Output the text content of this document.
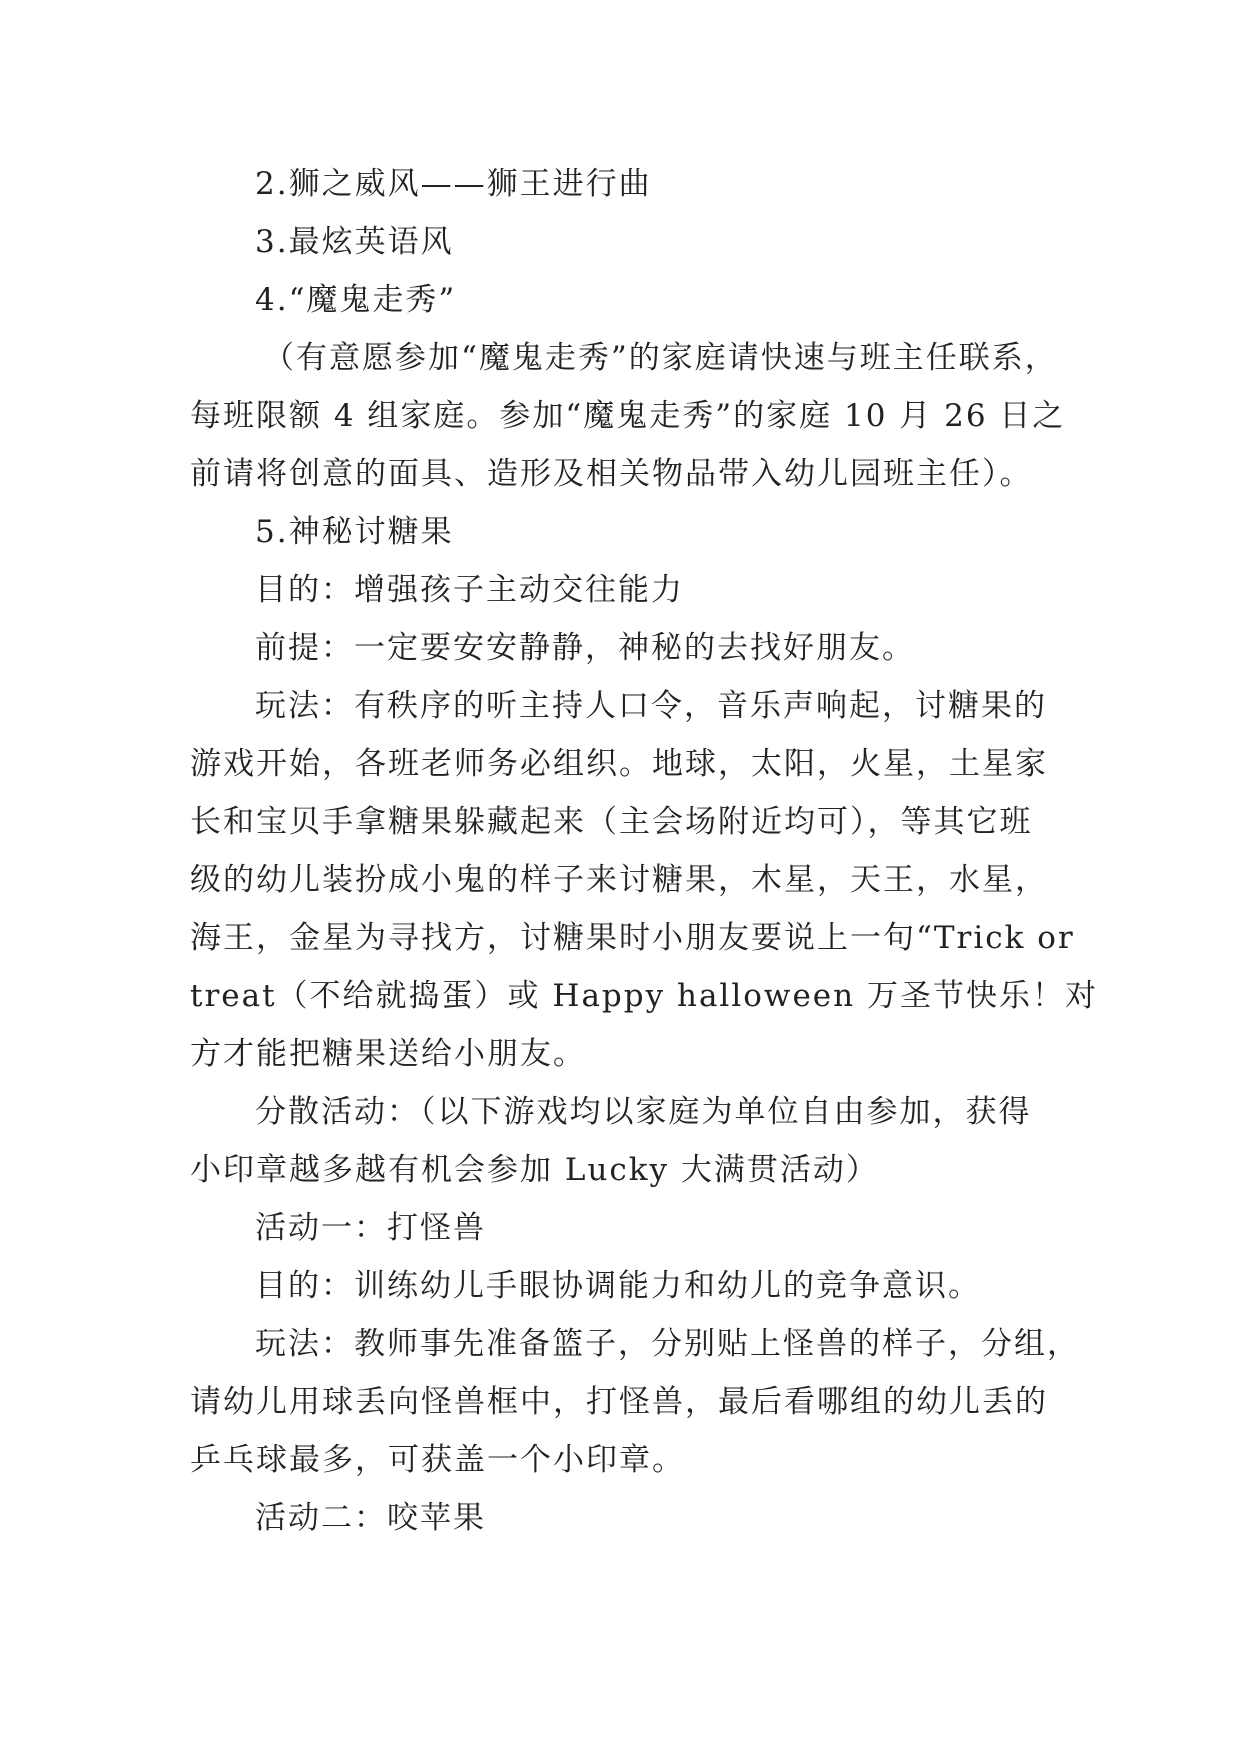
2.狮之威风——狮王进行曲
3.最炫英语风
4.“魔鬼走秀”
（有意愿参加“魔鬼走秀”的家庭请快速与班主任联系，
每班限额 4 组家庭。参加“魔鬼走秀”的家庭 10 月 26 日之
前请将创意的面具、造形及相关物品带入幼儿园班主任）。
5.神秘讨糖果
目的：增强孩子主动交往能力
前提：一定要安安静静，神秘的去找好朋友。
玩法：有秩序的听主持人口令，音乐声响起，讨糖果的
游戏开始，各班老师务必组织。地球，太阳，火星，土星家
长和宝贝手拿糖果躲藏起来（主会场附近均可），等其它班
级的幼儿装扮成小鬼的样子来讨糖果，木星，天王，水星，
海王，金星为寻找方，讨糖果时小朋友要说上一句“Trick or
treat（不给就捣蛋）或 Happy halloween 万圣节快乐！对
方才能把糖果送给小朋友。
分散活动：（以下游戏均以家庭为单位自由参加，获得
小印章越多越有机会参加 Lucky 大满贯活动）
活动一：打怪兽
目的：训练幼儿手眼协调能力和幼儿的竞争意识。
玩法：教师事先准备篮子，分别贴上怪兽的样子，分组，
请幼儿用球丢向怪兽框中，打怪兽，最后看哪组的幼儿丢的
乒乓球最多，可获盖一个小印章。
活动二：咬苹果
